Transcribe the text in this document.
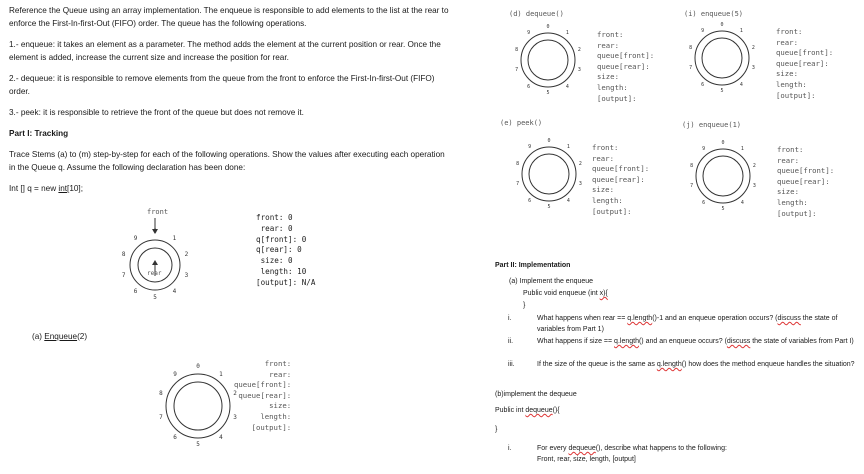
Reference the Queue using an array implementation. The enqueue is responsible to add elements to the list at the rear to enforce the First-In-first-Out (FIFO) order. The queue has the following operations.

1.- enqueue: it takes an element as a parameter. The method adds the element at the current position or rear. Once the element is added, increase the current size and increase the position for rear.

2.- dequeue: it is responsible to remove elements from the queue from the front to enforce the First-In-first-Out (FIFO) order.

3.- peek: it is responsible to retrieve the front of the queue but does not remove it.

Part I: Tracking

Trace Stems (a) to (m) step-by-step for each of the following operations. Show the values after executing each operation in the Queue q. Assume the following declaration has been done:

Int [] q = new int[10];

front
rear
0
1
2
3
4
5
6
7
8
9
front: 0
rear: 0
q[front]: 0
q[rear]: 0
size: 0
length: 10
[output]: N/A

(a) Enqueue(2)

0
1
2
3
4
5
6
7
8
9
front:
rear:
queue[front]:
queue[rear]:
size:
length:
[output]:
(d) dequeue()	(i) enqueue(5)
(e) peek()	(j) enqueue(1)
0
1
2
3
4
5
6
7
8
9
0
1
2
3
4
5
6
7
8
9
0
1
2
3
4
5
6
7
8
9
0
1
2
3
4
5
6
7
8
9
front:
rear:
queue[front]:
queue[rear]:
size:
length:
[output]:
front:
rear:
queue[front]:
queue[rear]:
size:
length:
[output]:
front:
rear:
queue[front]:
queue[rear]:
size:
length:
[output]:
front:
rear:
queue[front]:
queue[rear]:
size:
length:
[output]:
Part II: Implementation
(a) Implement the enqueue
Public void enqueue (int x){
}
i.	What happens when rear == q.length()-1 and an enqueue operation occurs? (discuss the state of variables from Part 1)
ii.	What happens if size == q.length() and an enqueue occurs? (discuss the state of variables from Part I)
iii.	If the size of the queue is the same as q.length() how does the method enqueue handles the situation?
(b)implement the dequeue
Public int dequeue(){
}
i.	For every dequeue(), describe what happens to the following:
Front, rear, size, length, [output]
